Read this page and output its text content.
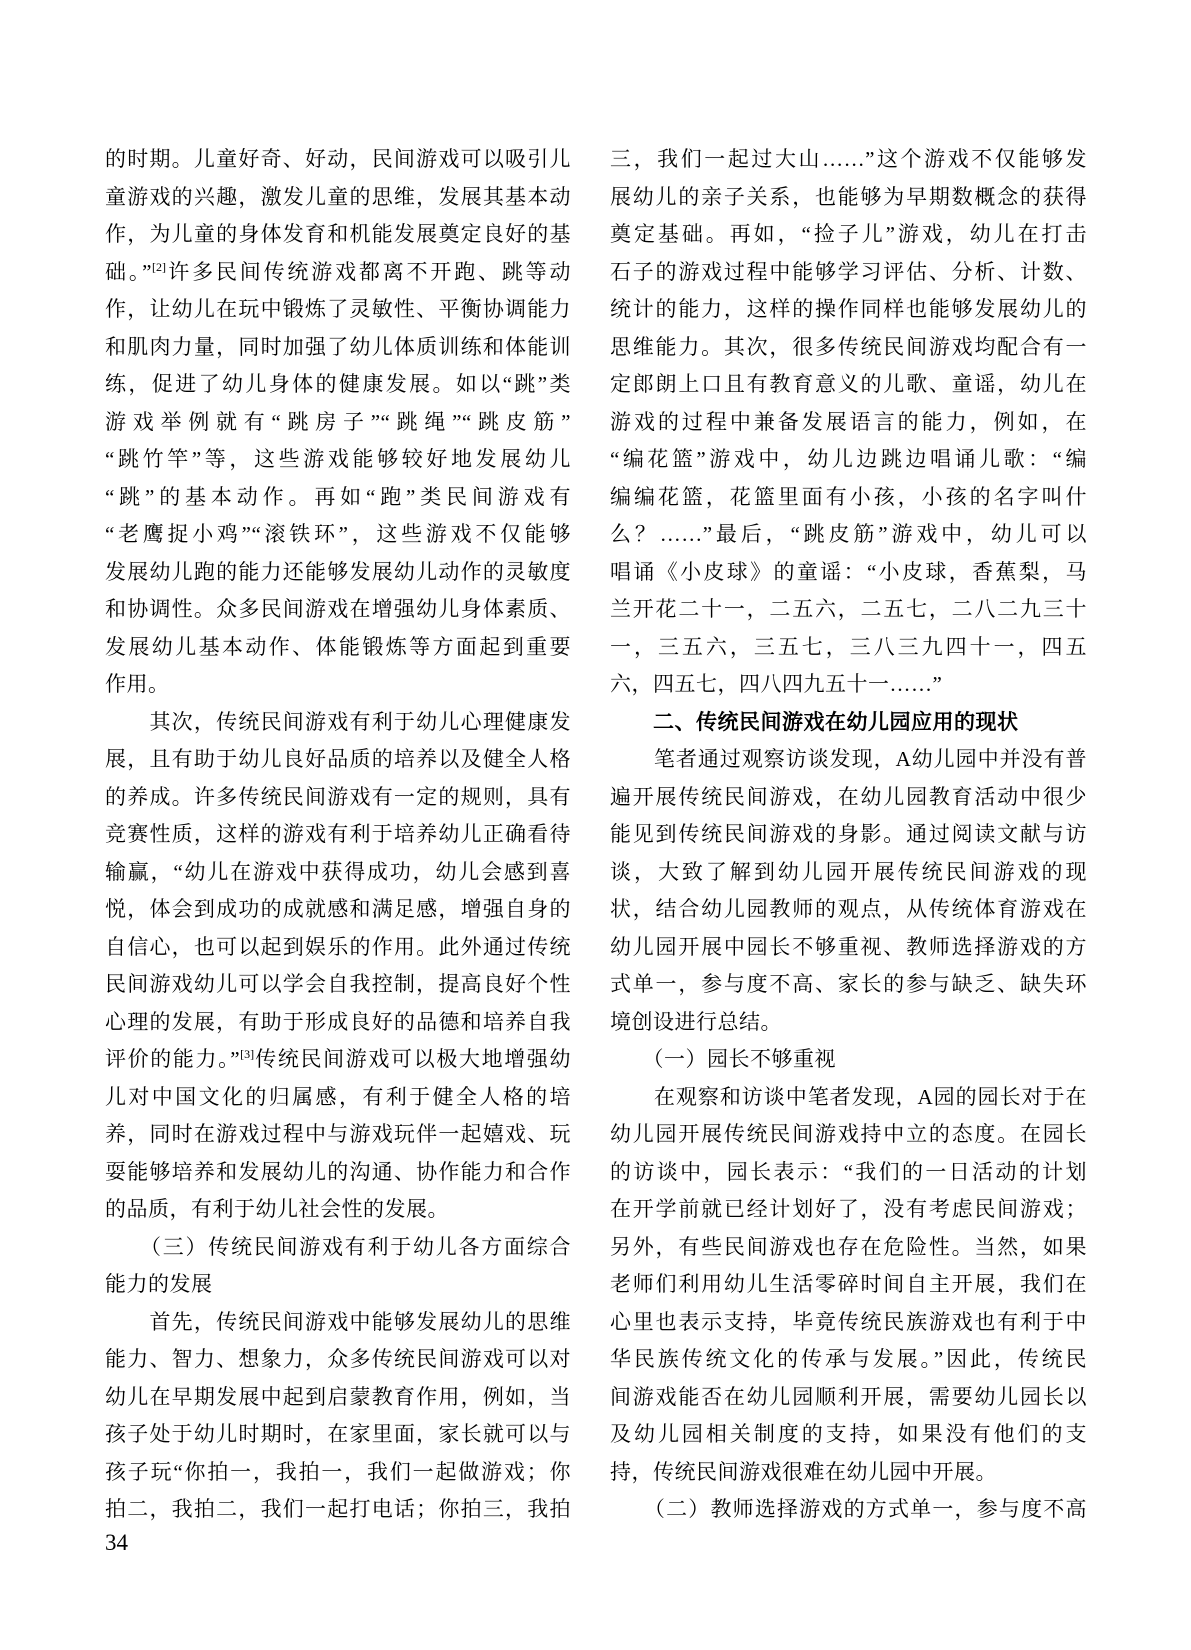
的时期。儿童好奇、好动，民间游戏可以吸引儿
童游戏的兴趣，激发儿童的思维，发展其基本动
作，为儿童的身体发育和机能发展奠定良好的基
础。”[2]许多民间传统游戏都离不开跑、跳等动
作，让幼儿在玩中锻炼了灵敏性、平衡协调能力
和肌肉力量，同时加强了幼儿体质训练和体能训
练，促进了幼儿身体的健康发展。如以“跳”类
游戏举例就有“跳房子”“跳绳”“跳皮筋”
“跳竹竿”等，这些游戏能够较好地发展幼儿
“跳”的基本动作。再如“跑”类民间游戏有
“老鹰捉小鸡”“滚铁环”，这些游戏不仅能够
发展幼儿跑的能力还能够发展幼儿动作的灵敏度
和协调性。众多民间游戏在增强幼儿身体素质、
发展幼儿基本动作、体能锻炼等方面起到重要
作用。
　　其次，传统民间游戏有利于幼儿心理健康发
展，且有助于幼儿良好品质的培养以及健全人格
的养成。许多传统民间游戏有一定的规则，具有
竞赛性质，这样的游戏有利于培养幼儿正确看待
输赢，“幼儿在游戏中获得成功，幼儿会感到喜
悦，体会到成功的成就感和满足感，增强自身的
自信心，也可以起到娱乐的作用。此外通过传统
民间游戏幼儿可以学会自我控制，提高良好个性
心理的发展，有助于形成良好的品德和培养自我
评价的能力。”[3]传统民间游戏可以极大地增强幼
儿对中国文化的归属感，有利于健全人格的培
养，同时在游戏过程中与游戏玩伴一起嬉戏、玩
耍能够培养和发展幼儿的沟通、协作能力和合作
的品质，有利于幼儿社会性的发展。
　　（三）传统民间游戏有利于幼儿各方面综合
能力的发展
　　首先，传统民间游戏中能够发展幼儿的思维
能力、智力、想象力，众多传统民间游戏可以对
幼儿在早期发展中起到启蒙教育作用，例如，当
孩子处于幼儿时期时，在家里面，家长就可以与
孩子玩“你拍一，我拍一，我们一起做游戏；你
拍二，我拍二，我们一起打电话；你拍三，我拍
三，我们一起过大山……”这个游戏不仅能够发
展幼儿的亲子关系，也能够为早期数概念的获得
奠定基础。再如，“捡子儿”游戏，幼儿在打击
石子的游戏过程中能够学习评估、分析、计数、
统计的能力，这样的操作同样也能够发展幼儿的
思维能力。其次，很多传统民间游戏均配合有一
定郎朗上口且有教育意义的儿歌、童谣，幼儿在
游戏的过程中兼备发展语言的能力，例如，在
“编花篮”游戏中，幼儿边跳边唱诵儿歌：“编
编编花篮，花篮里面有小孩，小孩的名字叫什
么？……”最后，“跳皮筋”游戏中，幼儿可以
唱诵《小皮球》的童谣：“小皮球，香蕉梨，马
兰开花二十一，二五六，二五七，二八二九三十
一，三五六，三五七，三八三九四十一，四五
六，四五七，四八四九五十一……”
　　二、传统民间游戏在幼儿园应用的现状
　　笔者通过观察访谈发现，A幼儿园中并没有普
遍开展传统民间游戏，在幼儿园教育活动中很少
能见到传统民间游戏的身影。通过阅读文献与访
谈，大致了解到幼儿园开展传统民间游戏的现
状，结合幼儿园教师的观点，从传统体育游戏在
幼儿园开展中园长不够重视、教师选择游戏的方
式单一，参与度不高、家长的参与缺乏、缺失环
境创设进行总结。
　　（一）园长不够重视
　　在观察和访谈中笔者发现，A园的园长对于在
幼儿园开展传统民间游戏持中立的态度。在园长
的访谈中，园长表示：“我们的一日活动的计划
在开学前就已经计划好了，没有考虑民间游戏；
另外，有些民间游戏也存在危险性。当然，如果
老师们利用幼儿生活零碎时间自主开展，我们在
心里也表示支持，毕竟传统民族游戏也有利于中
华民族传统文化的传承与发展。”因此，传统民
间游戏能否在幼儿园顺利开展，需要幼儿园长以
及幼儿园相关制度的支持，如果没有他们的支
持，传统民间游戏很难在幼儿园中开展。
　　（二）教师选择游戏的方式单一，参与度不高
34
